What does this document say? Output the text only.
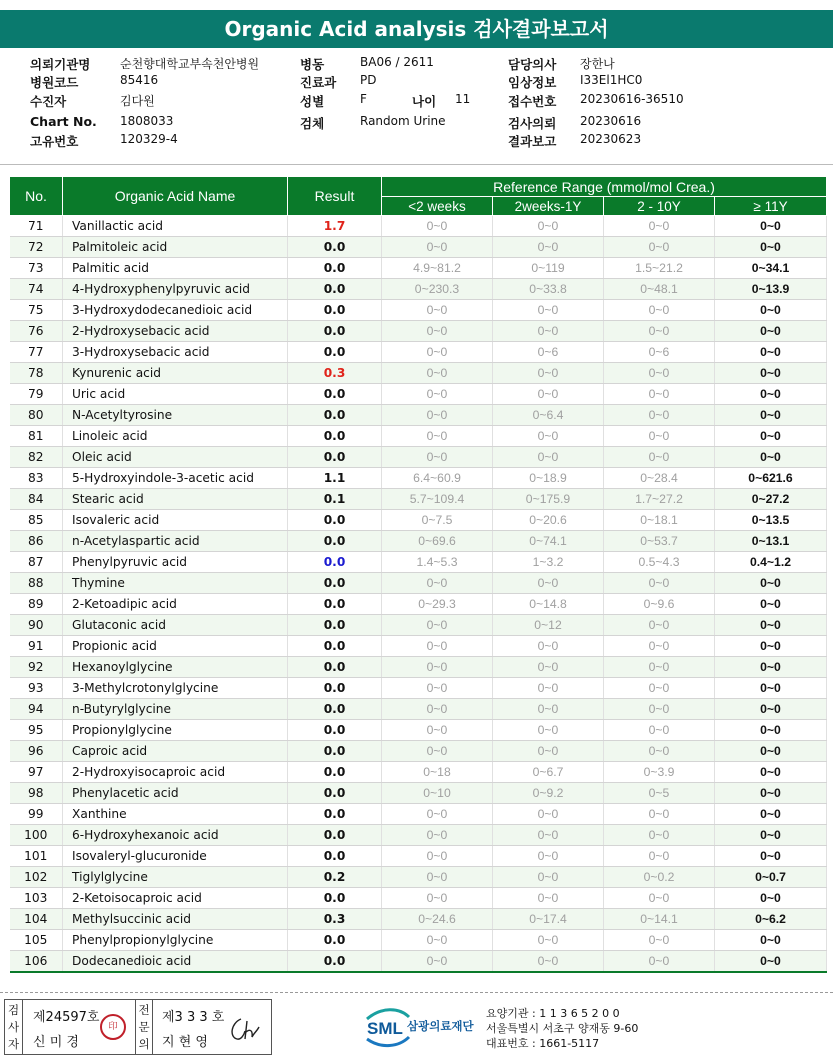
Organic Acid analysis 검사결과보고서
의뢰기관명 순천향대학교부속천안병원
병원코드	85416
수진자	김다원
Chart No. 1808033
고유번호	120329-4
병동	BA06 / 2611
진료과 PD
성별	F	나이 11
검체	Random Urine
담당의사 장한나
임상정보 I33El1HC0
접수번호 20230616-36510
검사의뢰 20230616
결과보고 20230623
No.	Organic Acid Name	Result	Reference Range (mmol/mol Crea.)			
			<2 weeks	2weeks-1Y	2 - 10Y	≥ 11Y
71	Vanillactic acid	1.7	0~0	0~0	0~0	0~0
72	Palmitoleic acid	0.0	0~0	0~0	0~0	0~0
73	Palmitic acid	0.0	4.9~81.2	0~119	1.5~21.2	0~34.1
74	4-Hydroxyphenylpyruvic acid	0.0	0~230.3	0~33.8	0~48.1	0~13.9
75	3-Hydroxydodecanedioic acid	0.0	0~0	0~0	0~0	0~0
76	2-Hydroxysebacic acid	0.0	0~0	0~0	0~0	0~0
77	3-Hydroxysebacic acid	0.0	0~0	0~6	0~6	0~0
78	Kynurenic acid	0.3	0~0	0~0	0~0	0~0
79	Uric acid	0.0	0~0	0~0	0~0	0~0
80	N-Acetyltyrosine	0.0	0~0	0~6.4	0~0	0~0
81	Linoleic acid	0.0	0~0	0~0	0~0	0~0
82	Oleic acid	0.0	0~0	0~0	0~0	0~0
83	5-Hydroxyindole-3-acetic acid	1.1	6.4~60.9	0~18.9	0~28.4	0~621.6
84	Stearic acid	0.1	5.7~109.4	0~175.9	1.7~27.2	0~27.2
85	Isovaleric acid	0.0	0~7.5	0~20.6	0~18.1	0~13.5
86	n-Acetylaspartic acid	0.0	0~69.6	0~74.1	0~53.7	0~13.1
87	Phenylpyruvic acid	0.0	1.4~5.3	1~3.2	0.5~4.3	0.4~1.2
88	Thymine	0.0	0~0	0~0	0~0	0~0
89	2-Ketoadipic acid	0.0	0~29.3	0~14.8	0~9.6	0~0
90	Glutaconic acid	0.0	0~0	0~12	0~0	0~0
91	Propionic acid	0.0	0~0	0~0	0~0	0~0
92	Hexanoylglycine	0.0	0~0	0~0	0~0	0~0
93	3-Methylcrotonylglycine	0.0	0~0	0~0	0~0	0~0
94	n-Butyrylglycine	0.0	0~0	0~0	0~0	0~0
95	Propionylglycine	0.0	0~0	0~0	0~0	0~0
96	Caproic acid	0.0	0~0	0~0	0~0	0~0
97	2-Hydroxyisocaproic acid	0.0	0~18	0~6.7	0~3.9	0~0
98	Phenylacetic acid	0.0	0~10	0~9.2	0~5	0~0
99	Xanthine	0.0	0~0	0~0	0~0	0~0
100	6-Hydroxyhexanoic acid	0.0	0~0	0~0	0~0	0~0
101	Isovaleryl-glucuronide	0.0	0~0	0~0	0~0	0~0
102	Tiglylglycine	0.2	0~0	0~0	0~0.2	0~0.7
103	2-Ketoisocaproic acid	0.0	0~0	0~0	0~0	0~0
104	Methylsuccinic acid	0.3	0~24.6	0~17.4	0~14.1	0~6.2
105	Phenylpropionylglycine	0.0	0~0	0~0	0~0	0~0
106	Dodecanedioic acid	0.0	0~0	0~0	0~0	0~0
검사자
제24597호
신 미 경
印
전문의
제3 3 3 호
지 현 영
SML 삼광의료재단
요양기관 : 1 1 3 6 5 2 0 0
서울특별시 서초구 양재동 9-60
대표번호 : 1661-5117
